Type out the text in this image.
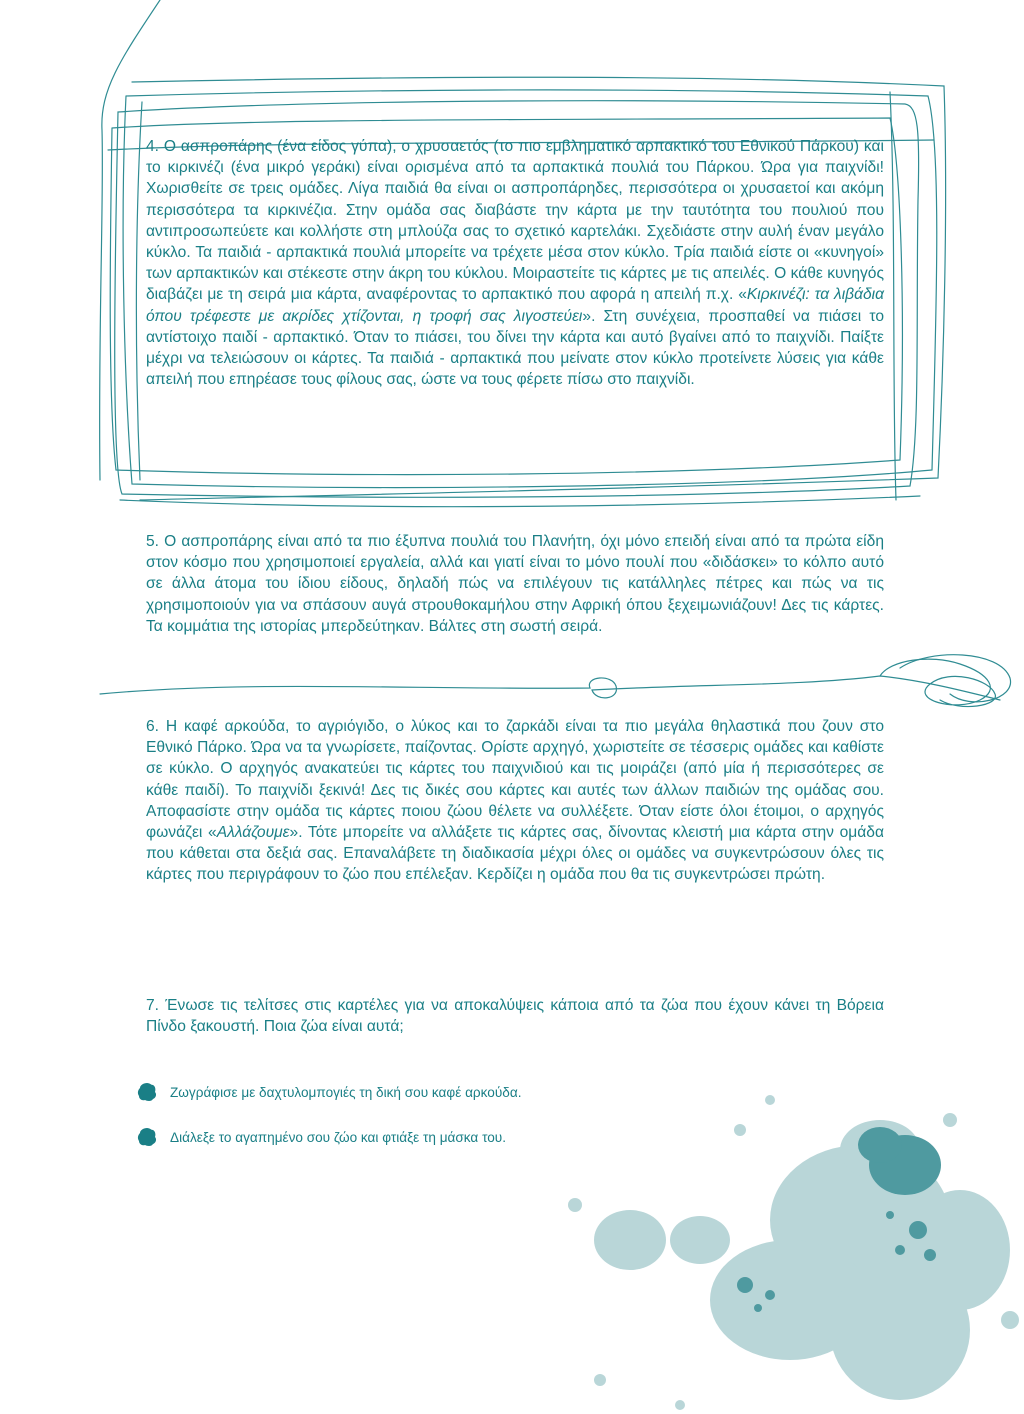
4. Ο ασπροπάρης (ένα είδος γύπα), ο χρυσαετός (το πιο εμβληματικό αρπακτικό του Εθνικού Πάρκου) και το κιρκινέζι (ένα μικρό γεράκι) είναι ορισμένα από τα αρπακτικά πουλιά του Πάρκου. Ώρα για παιχνίδι! Χωρισθείτε σε τρεις ομάδες. Λίγα παιδιά θα είναι οι ασπροπάρηδες, περισσότερα οι χρυσαετοί και ακόμη περισσότερα τα κιρκινέζια. Στην ομάδα σας διαβάστε την κάρτα με την ταυτότητα του πουλιού που αντιπροσωπεύετε και κολλήστε στη μπλούζα σας το σχετικό καρτελάκι. Σχεδιάστε στην αυλή έναν μεγάλο κύκλο. Τα παιδιά - αρπακτικά πουλιά μπορείτε να τρέχετε μέσα στον κύκλο. Τρία παιδιά είστε οι «κυνηγοί» των αρπακτικών και στέκεστε στην άκρη του κύκλου. Μοιραστείτε τις κάρτες με τις απειλές. Ο κάθε κυνηγός διαβάζει με τη σειρά μια κάρτα, αναφέροντας το αρπακτικό που αφορά η απειλή π.χ. «Κιρκινέζι: τα λιβάδια όπου τρέφεστε με ακρίδες χτίζονται, η τροφή σας λιγοστεύει». Στη συνέχεια, προσπαθεί να πιάσει το αντίστοιχο παιδί - αρπακτικό. Όταν το πιάσει, του δίνει την κάρτα και αυτό βγαίνει από το παιχνίδι. Παίξτε μέχρι να τελειώσουν οι κάρτες. Τα παιδιά - αρπακτικά που μείνατε στον κύκλο προτείνετε λύσεις για κάθε απειλή που επηρέασε τους φίλους σας, ώστε να τους φέρετε πίσω στο παιχνίδι.

5. Ο ασπροπάρης είναι από τα πιο έξυπνα πουλιά του Πλανήτη, όχι μόνο επειδή είναι από τα πρώτα είδη στον κόσμο που χρησιμοποιεί εργαλεία, αλλά και γιατί είναι το μόνο πουλί που «διδάσκει» το κόλπο αυτό σε άλλα άτομα του ίδιου είδους, δηλαδή πώς να επιλέγουν τις κατάλληλες πέτρες και πώς να τις χρησιμοποιούν για να σπάσουν αυγά στρουθοκαμήλου στην Αφρική όπου ξεχειμωνιάζουν! Δες τις κάρτες. Τα κομμάτια της ιστορίας μπερδεύτηκαν. Βάλτες στη σωστή σειρά.

6. Η καφέ αρκούδα, το αγριόγιδο, ο λύκος και το ζαρκάδι είναι τα πιο μεγάλα θηλαστικά που ζουν στο Εθνικό Πάρκο. Ώρα να τα γνωρίσετε, παίζοντας. Ορίστε αρχηγό, χωριστείτε σε τέσσερις ομάδες και καθίστε σε κύκλο. Ο αρχηγός ανακατεύει τις κάρτες του παιχνιδιού και τις μοιράζει (από μία ή περισσότερες σε κάθε παιδί). Το παιχνίδι ξεκινά! Δες τις δικές σου κάρτες και αυτές των άλλων παιδιών της ομάδας σου. Αποφασίστε στην ομάδα τις κάρτες ποιου ζώου θέλετε να συλλέξετε. Όταν είστε όλοι έτοιμοι, ο αρχηγός φωνάζει «Αλλάζουμε». Τότε μπορείτε να αλλάξετε τις κάρτες σας, δίνοντας κλειστή μια κάρτα στην ομάδα που κάθεται στα δεξιά σας. Επαναλάβετε τη διαδικασία μέχρι όλες οι ομάδες να συγκεντρώσουν όλες τις κάρτες που περιγράφουν το ζώο που επέλεξαν. Κερδίζει η ομάδα που θα τις συγκεντρώσει πρώτη.

7. Ένωσε τις τελίτσες στις καρτέλες για να αποκαλύψεις κάποια από τα ζώα που έχουν κάνει τη Βόρεια Πίνδο ξακουστή. Ποια ζώα είναι αυτά;

Ζωγράφισε με δαχτυλομπογιές τη δική σου καφέ αρκούδα.
Διάλεξε το αγαπημένο σου ζώο και φτιάξε τη μάσκα του.
